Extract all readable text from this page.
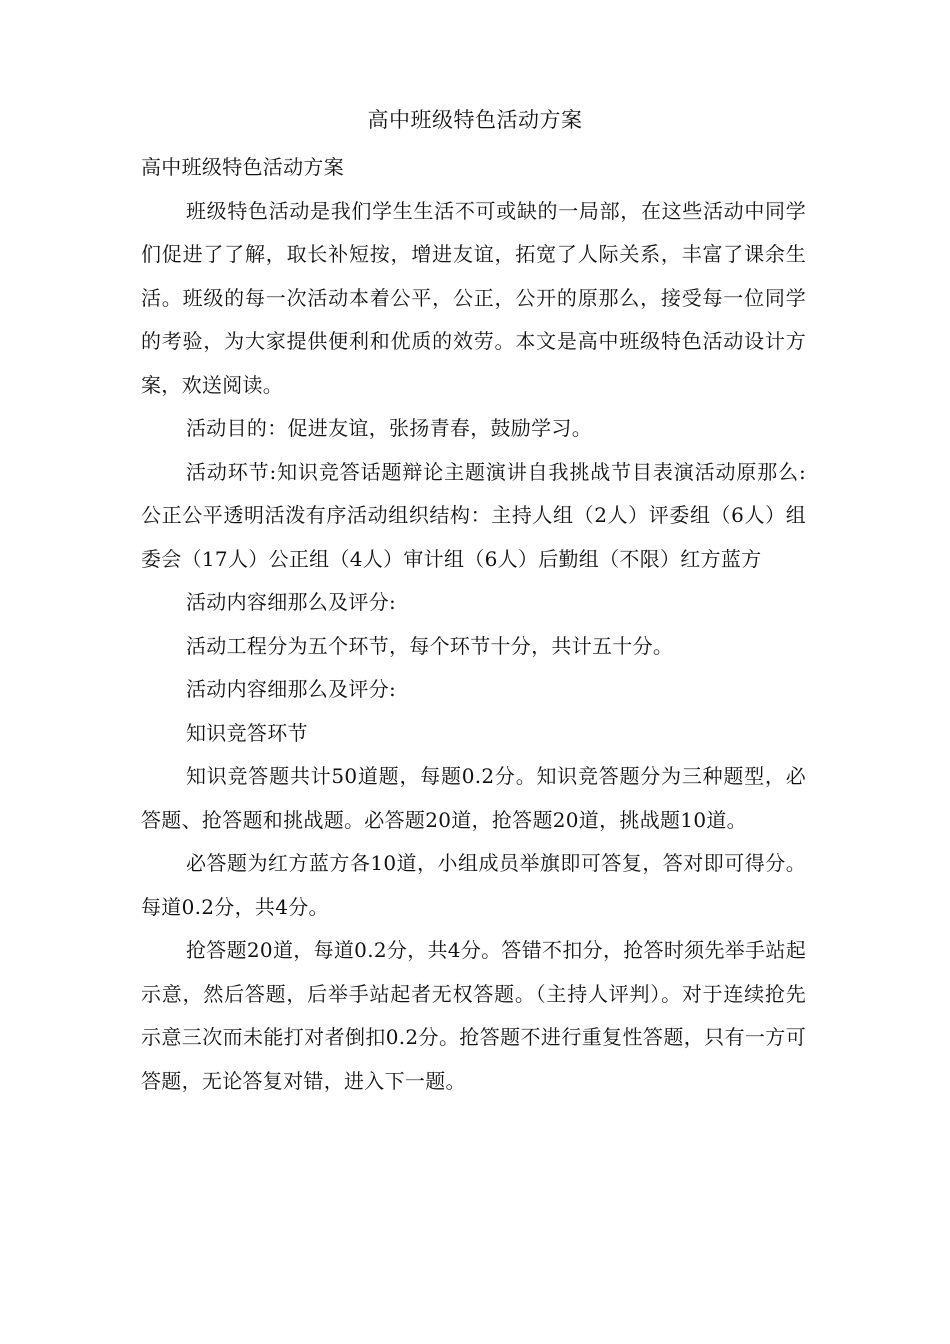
高中班级特色活动方案

高中班级特色活动方案

班级特色活动是我们学生生活不可或缺的一局部，在这些活动中同学们促进了了解，取长补短按，增进友谊，拓宽了人际关系，丰富了课余生活。班级的每一次活动本着公平，公正，公开的原那么，接受每一位同学的考验，为大家提供便利和优质的效劳。本文是高中班级特色活动设计方案，欢送阅读。

活动目的：促进友谊，张扬青春，鼓励学习。

活动环节:知识竞答话题辩论主题演讲自我挑战节目表演活动原那么:公正公平透明活泼有序活动组织结构：主持人组（2人）评委组（6人）组委会（17人）公正组（4人）审计组（6人）后勤组（不限）红方蓝方

活动内容细那么及评分:

活动工程分为五个环节，每个环节十分，共计五十分。

活动内容细那么及评分:

知识竞答环节

知识竞答题共计50道题，每题0.2分。知识竞答题分为三种题型，必答题、抢答题和挑战题。必答题20道，抢答题20道，挑战题10道。

必答题为红方蓝方各10道，小组成员举旗即可答复，答对即可得分。每道0.2分，共4分。

抢答题20道，每道0.2分，共4分。答错不扣分，抢答时须先举手站起示意，然后答题，后举手站起者无权答题。（主持人评判）。对于连续抢先示意三次而未能打对者倒扣0.2分。抢答题不进行重复性答题，只有一方可答题，无论答复对错，进入下一题。
